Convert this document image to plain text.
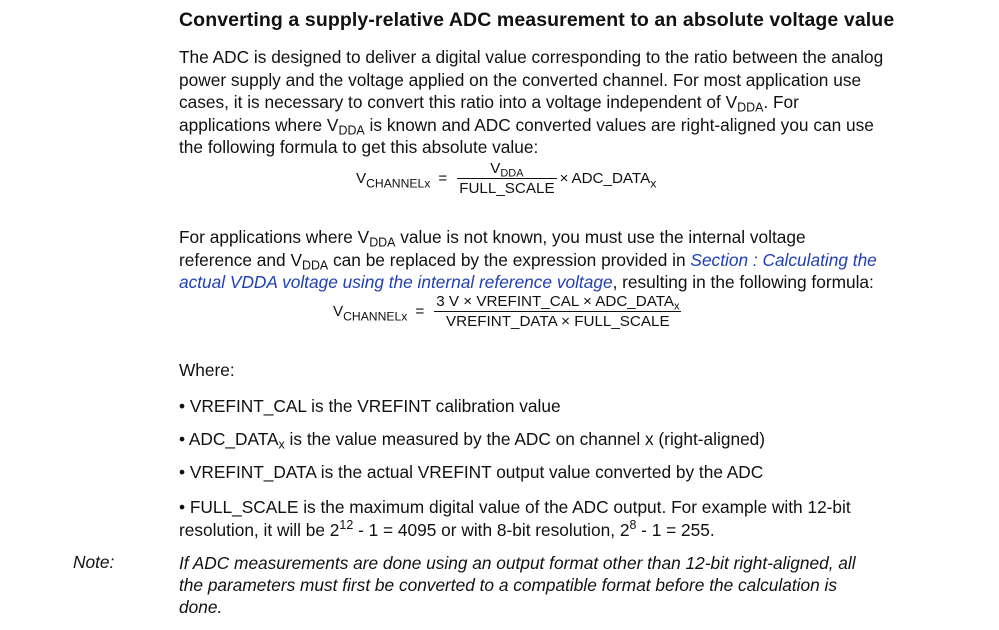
Converting a supply-relative ADC measurement to an absolute voltage value
The ADC is designed to deliver a digital value corresponding to the ratio between the analog
power supply and the voltage applied on the converted channel. For most application use
cases, it is necessary to convert this ratio into a voltage independent of $V_{DDA}$. For
applications where $V_{DDA}$ is known and ADC converted values are right-aligned you can use
the following formula to get this absolute value:
$V_{CHANNELx} = \frac{V_{DDA}}{\text{FULL\_SCALE}}$ × $ADC\_DATA_x$
For applications where $V_{DDA}$ value is not known, you must use the internal voltage
reference and $V_{DDA}$ can be replaced by the expression provided in Section : Calculating the
actual VDDA voltage using the internal reference voltage, resulting in the following formula:
$V_{CHANNELx} = \frac{3 V \times VREFINT\_CAL \times ADC\_DATA_x}{\text{VREFINT\_DATA × FULL\_SCALE}}$
Where:
• VREFINT_CAL is the VREFINT calibration value
• $ADC\_DATA_x$ is the value measured by the ADC on channel x (right-aligned)
• VREFINT_DATA is the actual VREFINT output value converted by the ADC
• FULL_SCALE is the maximum digital value of the ADC output. For example with 12-bit
resolution, it will be $2^{12} - 1 = 4095$ or with 8-bit resolution, $2^8 - 1 = 255$.
Note:	If ADC measurements are done using an output format other than 12-bit right-aligned, all
the parameters must first be converted to a compatible format before the calculation is
done.
